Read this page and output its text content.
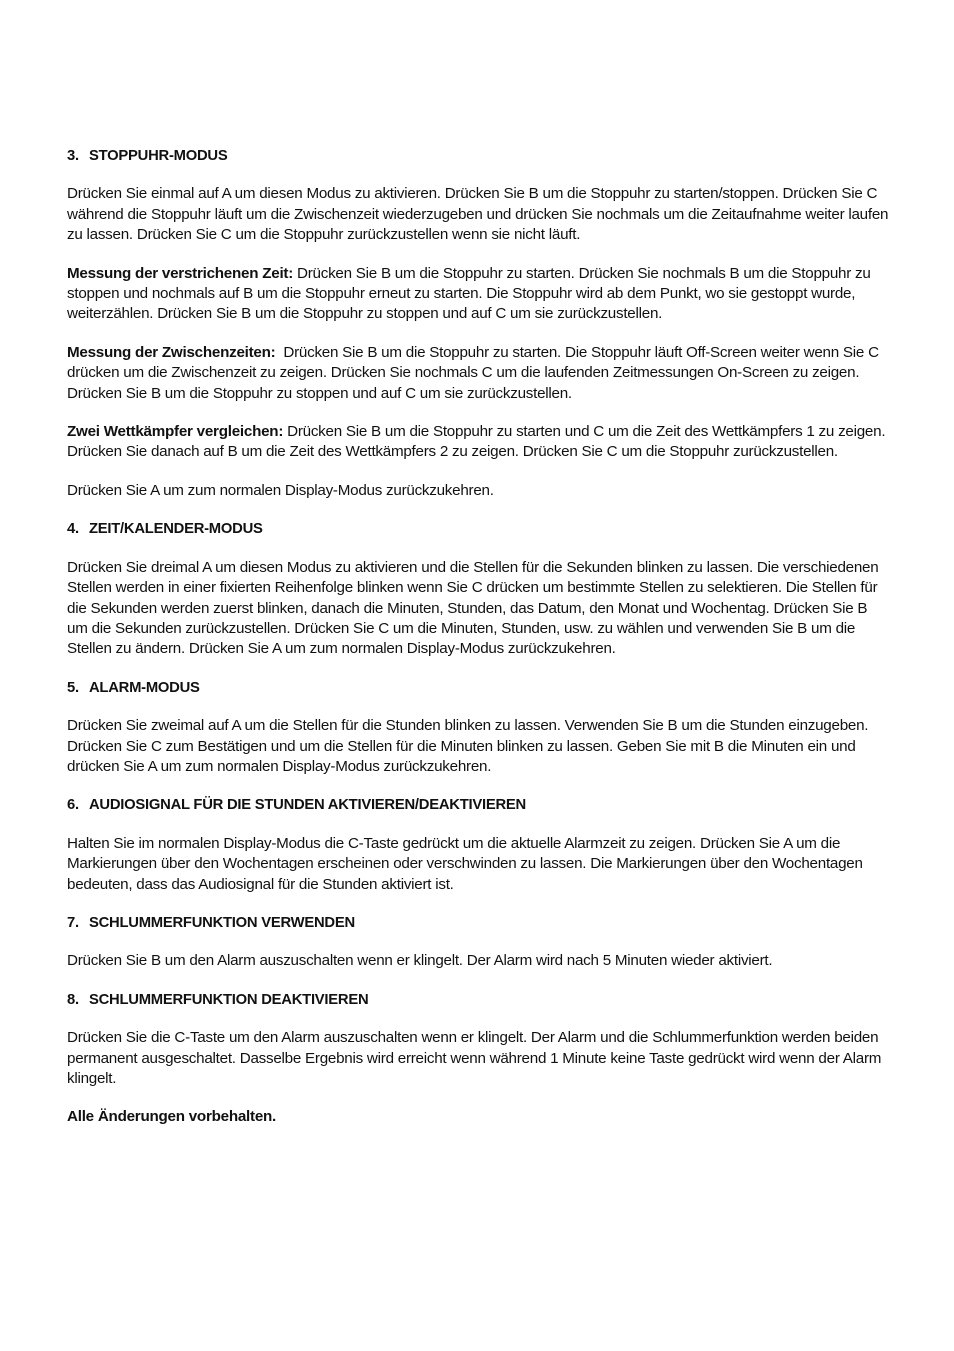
3. STOPPUHR-MODUS

Drücken Sie einmal auf A um diesen Modus zu aktivieren. Drücken Sie B um die Stoppuhr zu starten/stoppen. Drücken Sie C während die Stoppuhr läuft um die Zwischenzeit wiederzugeben und drücken Sie nochmals um die Zeitaufnahme weiter laufen zu lassen. Drücken Sie C um die Stoppuhr zurückzustellen wenn sie nicht läuft.

Messung der verstrichenen Zeit: Drücken Sie B um die Stoppuhr zu starten. Drücken Sie nochmals B um die Stoppuhr zu stoppen und nochmals auf B um die Stoppuhr erneut zu starten. Die Stoppuhr wird ab dem Punkt, wo sie gestoppt wurde, weiterzählen. Drücken Sie B um die Stoppuhr zu stoppen und auf C um sie zurückzustellen.

Messung der Zwischenzeiten:  Drücken Sie B um die Stoppuhr zu starten. Die Stoppuhr läuft Off-Screen weiter wenn Sie C drücken um die Zwischenzeit zu zeigen. Drücken Sie nochmals C um die laufenden Zeitmessungen On-Screen zu zeigen. Drücken Sie B um die Stoppuhr zu stoppen und auf C um sie zurückzustellen.

Zwei Wettkämpfer vergleichen: Drücken Sie B um die Stoppuhr zu starten und C um die Zeit des Wettkämpfers 1 zu zeigen. Drücken Sie danach auf B um die Zeit des Wettkämpfers 2 zu zeigen. Drücken Sie C um die Stoppuhr zurückzustellen.

Drücken Sie A um zum normalen Display-Modus zurückzukehren.

4. ZEIT/KALENDER-MODUS

Drücken Sie dreimal A um diesen Modus zu aktivieren und die Stellen für die Sekunden blinken zu lassen. Die verschiedenen Stellen werden in einer fixierten Reihenfolge blinken wenn Sie C drücken um bestimmte Stellen zu selektieren. Die Stellen für die Sekunden werden zuerst blinken, danach die Minuten, Stunden, das Datum, den Monat und Wochentag. Drücken Sie B um die Sekunden zurückzustellen. Drücken Sie C um die Minuten, Stunden, usw. zu wählen und verwenden Sie B um die Stellen zu ändern. Drücken Sie A um zum normalen Display-Modus zurückzukehren.

5. ALARM-MODUS

Drücken Sie zweimal auf A um die Stellen für die Stunden blinken zu lassen. Verwenden Sie B um die Stunden einzugeben. Drücken Sie C zum Bestätigen und um die Stellen für die Minuten blinken zu lassen. Geben Sie mit B die Minuten ein und drücken Sie A um zum normalen Display-Modus zurückzukehren.

6. AUDIOSIGNAL FÜR DIE STUNDEN AKTIVIEREN/DEAKTIVIEREN

Halten Sie im normalen Display-Modus die C-Taste gedrückt um die aktuelle Alarmzeit zu zeigen. Drücken Sie A um die Markierungen über den Wochentagen erscheinen oder verschwinden zu lassen. Die Markierungen über den Wochentagen bedeuten, dass das Audiosignal für die Stunden aktiviert ist.

7. SCHLUMMERFUNKTION VERWENDEN

Drücken Sie B um den Alarm auszuschalten wenn er klingelt. Der Alarm wird nach 5 Minuten wieder aktiviert.

8. SCHLUMMERFUNKTION DEAKTIVIEREN

Drücken Sie die C-Taste um den Alarm auszuschalten wenn er klingelt. Der Alarm und die Schlummerfunktion werden beiden permanent ausgeschaltet. Dasselbe Ergebnis wird erreicht wenn während 1 Minute keine Taste gedrückt wird wenn der Alarm klingelt.

Alle Änderungen vorbehalten.
